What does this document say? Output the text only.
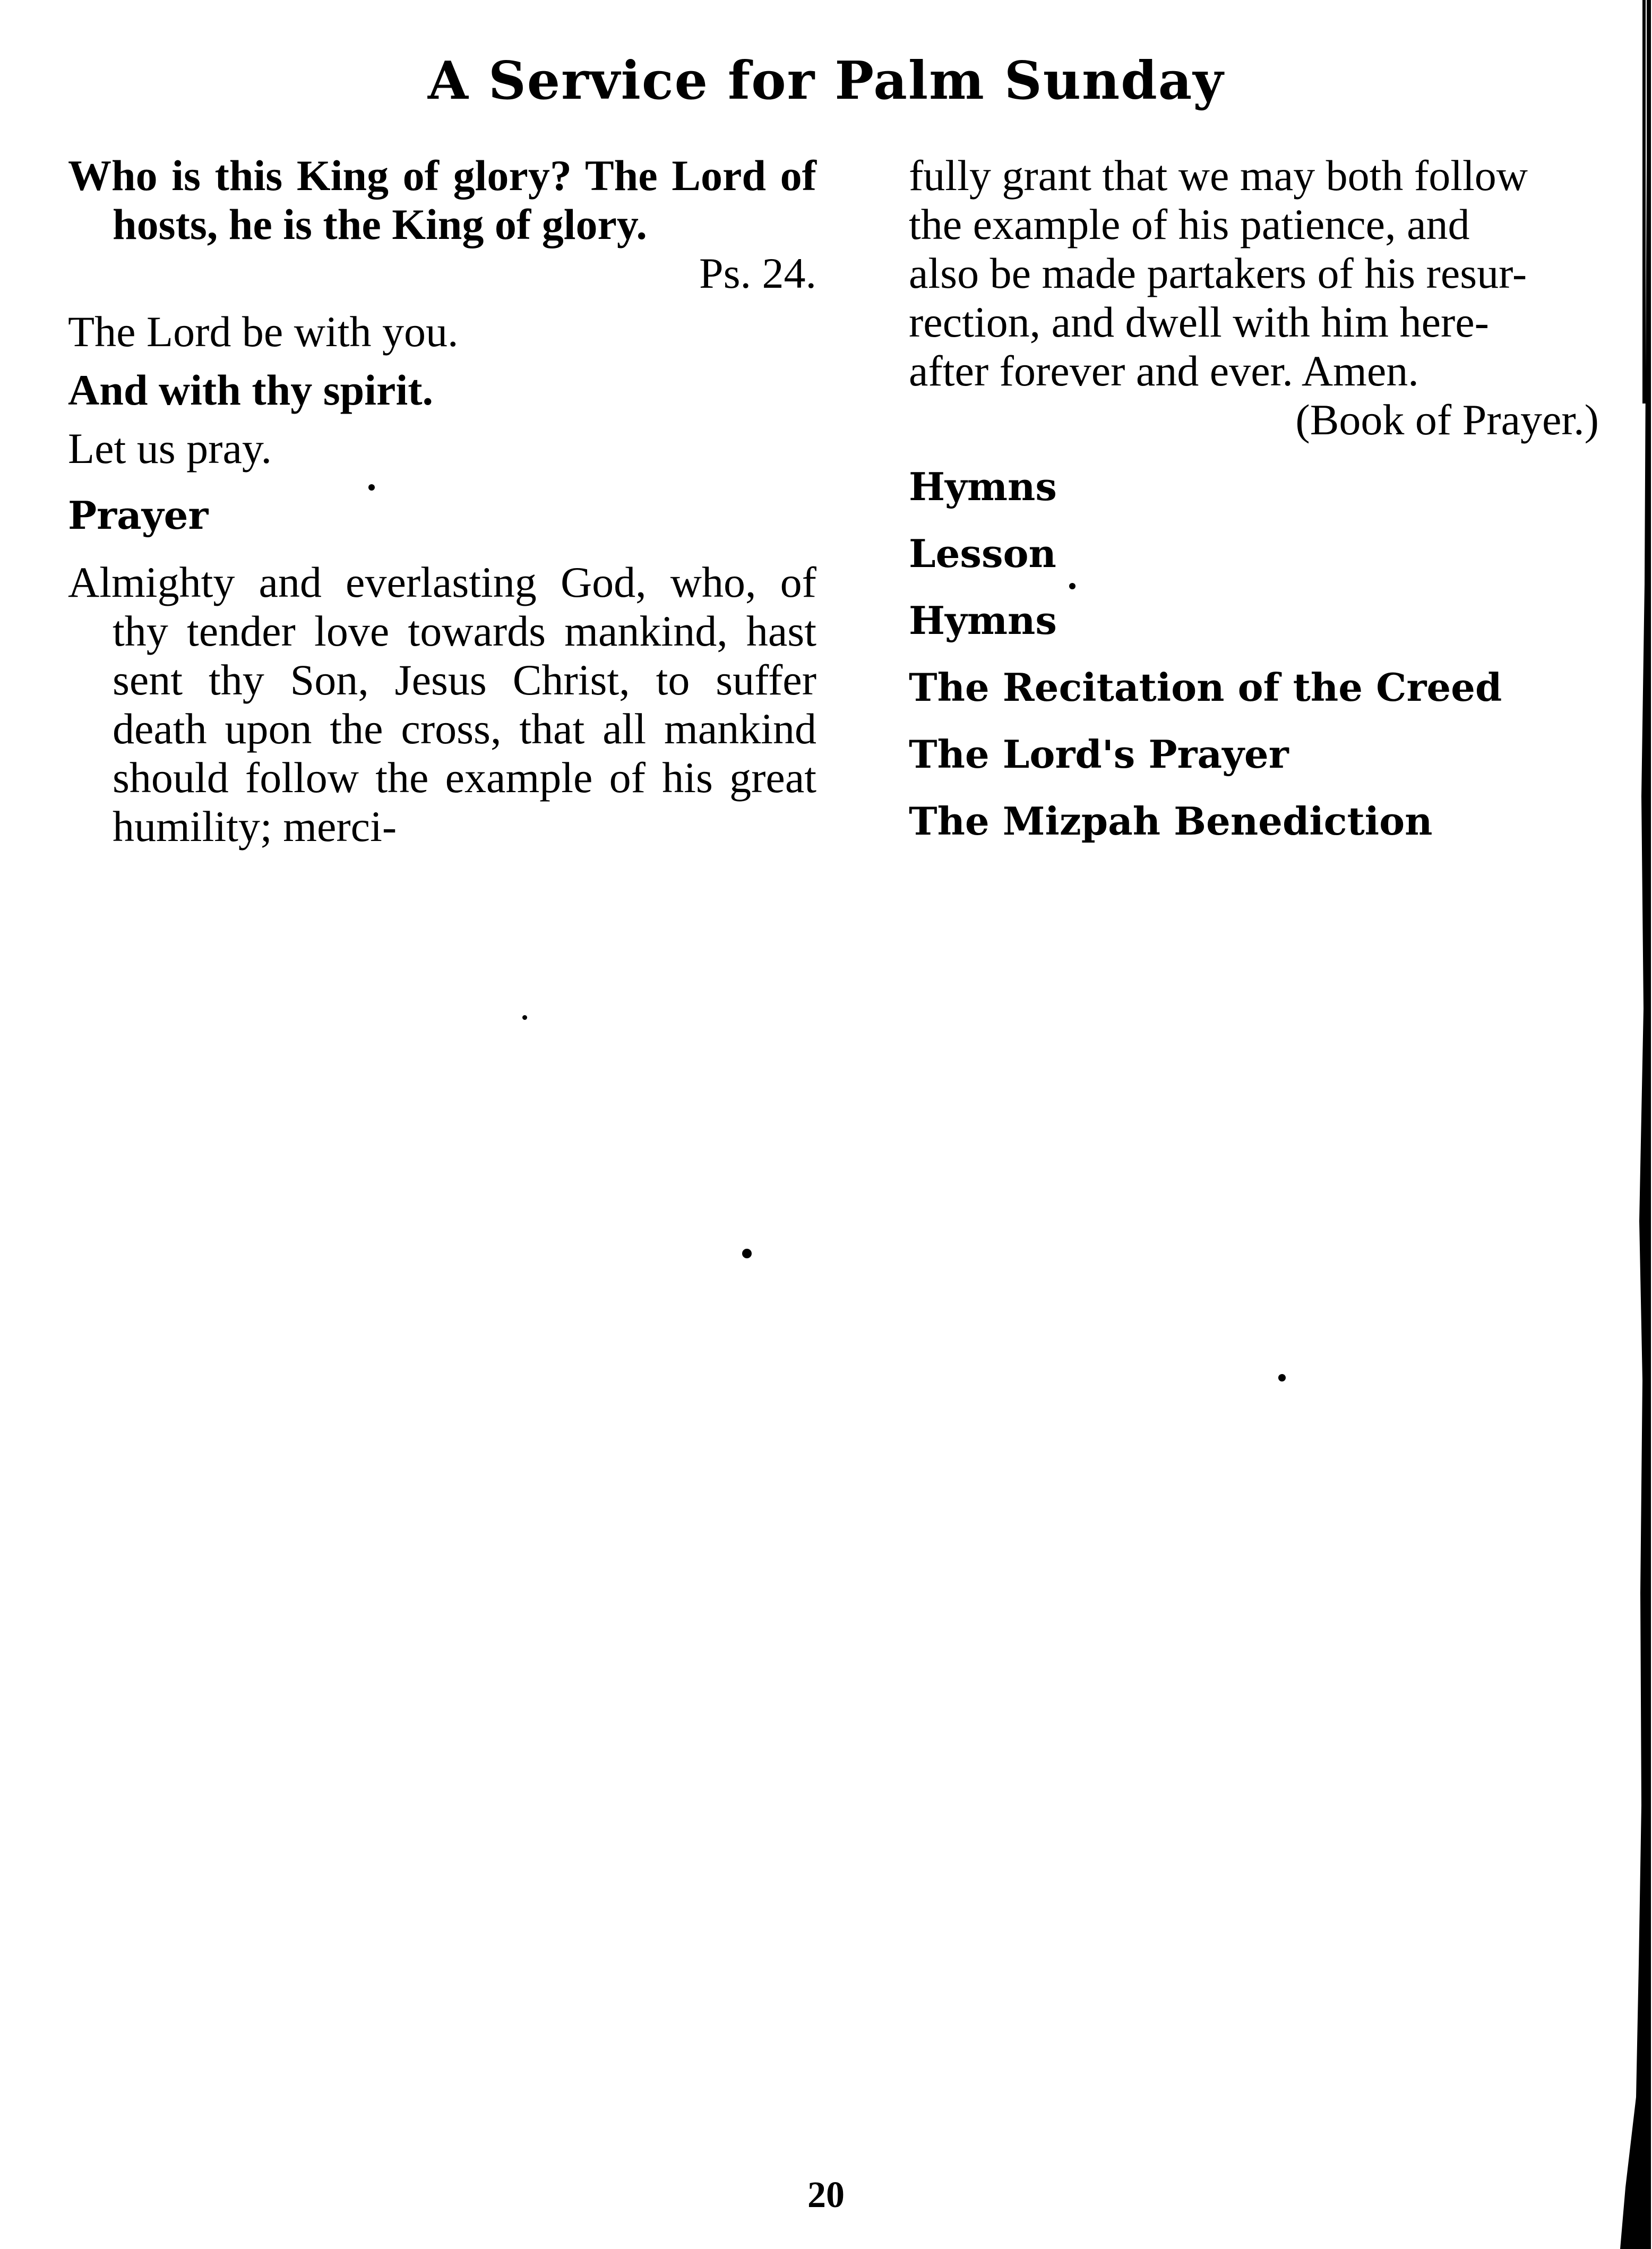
A Service for Palm Sunday
Who is this King of glory? The Lord of hosts, he is the King of glory.
Ps. 24.
The Lord be with you.
And with thy spirit.
Let us pray.
Prayer
Almighty and everlasting God, who, of thy tender love towards mankind, hast sent thy Son, Jesus Christ, to suffer death upon the cross, that all mankind should follow the example of his great humility; merci-
fully grant that we may both follow
the example of his patience, and
also be made partakers of his resur-
rection, and dwell with him here-
after forever and ever. Amen.
(Book of Prayer.)
Hymns
Lesson
Hymns
The Recitation of the Creed
The Lord's Prayer
The Mizpah Benediction
20
